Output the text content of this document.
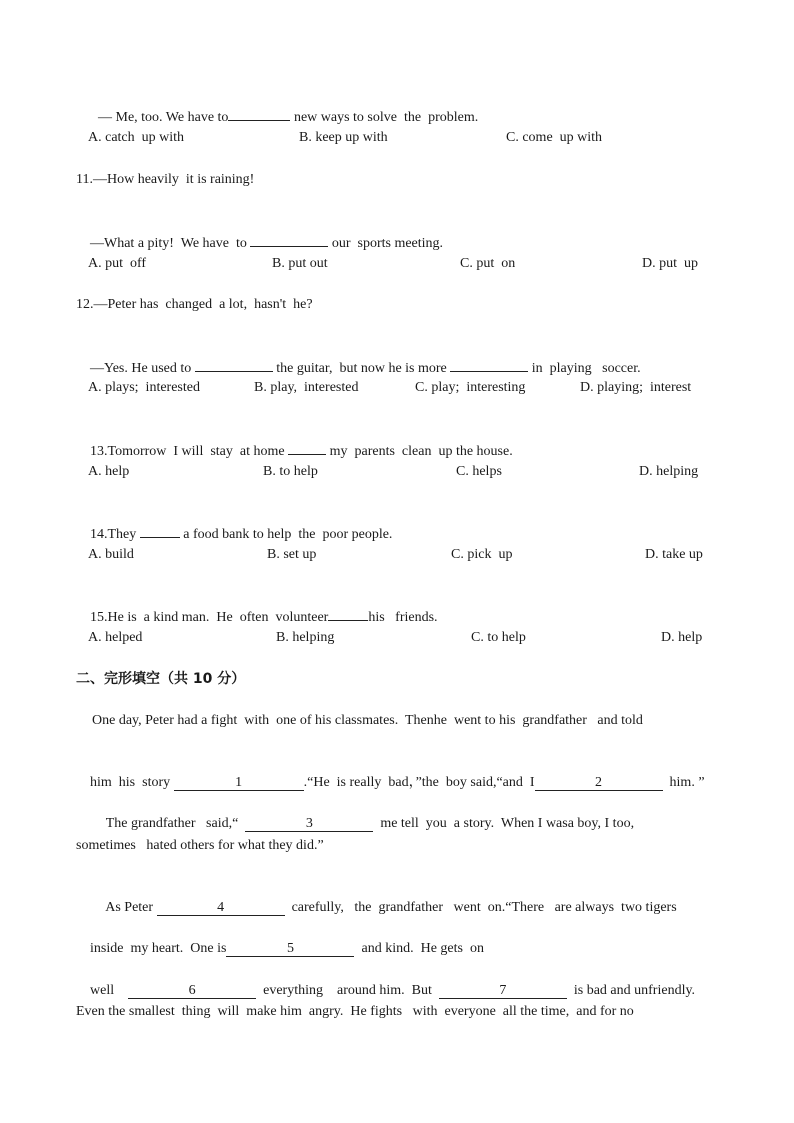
— Me, too. We have to	new ways to solve  the  problem.

A. catch  up with	B. keep up with	C. come  up with
11.—How heavily  it is raining!

—What a pity!  We have  to	our  sports meeting.

A. put  off	B. put out	C. put  on	D. put  up
12.—Peter has  changed  a lot,  hasn't  he?

—Yes. He used to	the guitar,  but now he is more	in  playing   soccer.

A. plays;  interested	B. play,  interested	C. play;  interesting	D. playing;  interest

13.Tomorrow  I will  stay  at home	my  parents  clean  up the house.

A. help	B. to help	C. helps	D. helping

14.They	a food bank to help  the  poor people.

A. build	B. set up	C. pick  up	D. take up

15.He is  a kind man.  He  often  volunteer	his   friends.

A. helped	B. helping	C. to help	D. help
二、完形填空（共 10 分）
One day, Peter had a fight  with  one of his classmates.  Thenhe  went to his  grandfather   and told

him  his  story	1	.“He  is really  bad，”the  boy said,“and  I	2	him. ”

The grandfather   said,“	3	me tell  you  a story.  When I wasa boy, I too,

sometimes   hated others for what they did.”

As Peter	4	carefully,   the  grandfather   went  on.“There   are always  two tigers

inside  my heart.  One is	5	and kind.  He gets  on

well	6	everything    around him.  But	7	is bad and unfriendly.

Even the smallest  thing  will  make him  angry.  He fights   with  everyone  all the time,  and for no
